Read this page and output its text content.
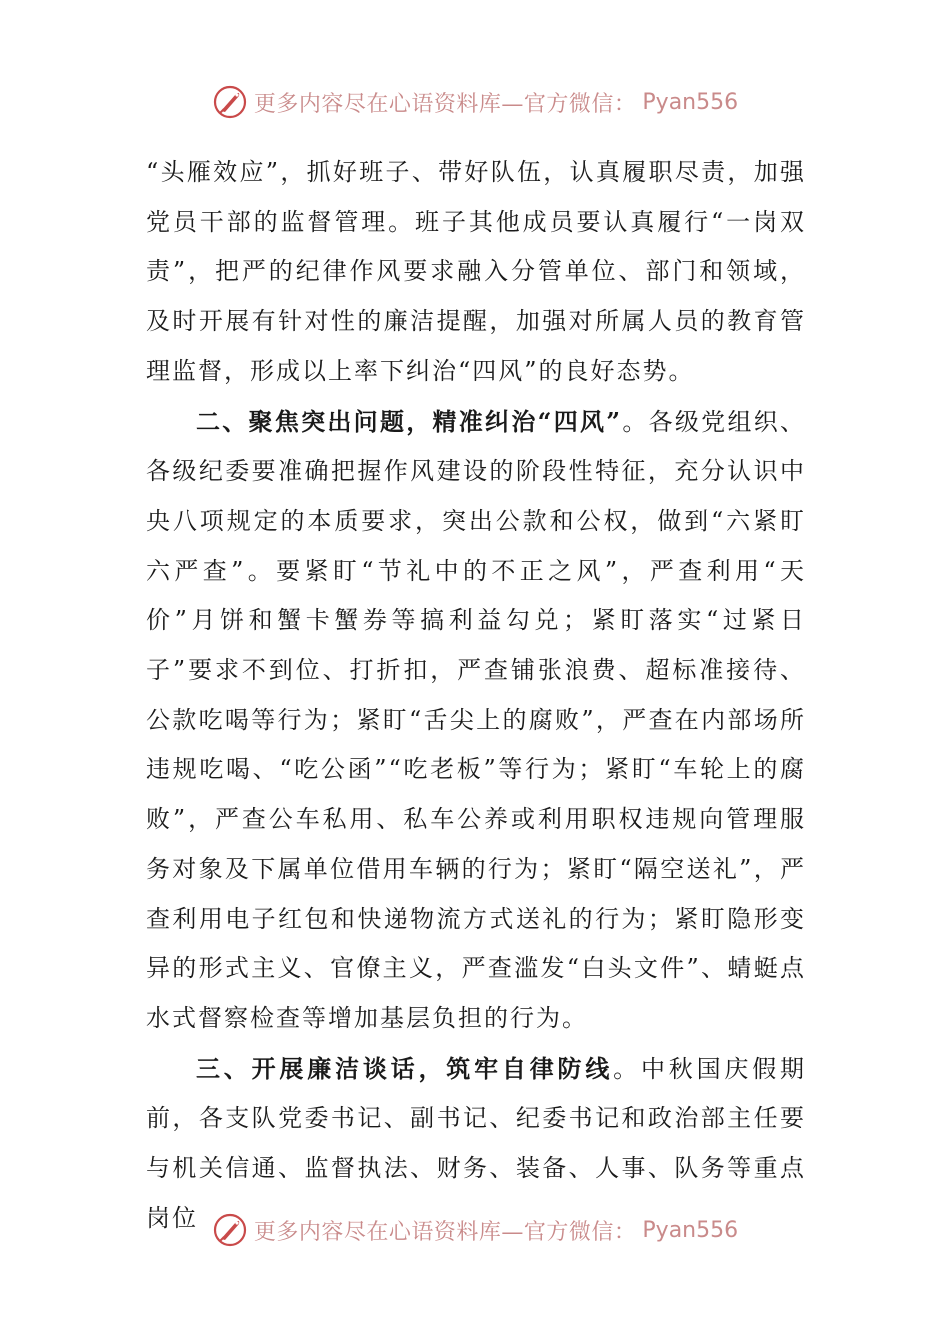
更多内容尽在心语资料库—官方微信： Pyan556

“头雁效应”，抓好班子、带好队伍，认真履职尽责，加强党员干部的监督管理。班子其他成员要认真履行“一岗双责”，把严的纪律作风要求融入分管单位、部门和领域，及时开展有针对性的廉洁提醒，加强对所属人员的教育管理监督，形成以上率下纠治“四风”的良好态势。

二、聚焦突出问题，精准纠治“四风”。各级党组织、各级纪委要准确把握作风建设的阶段性特征，充分认识中央八项规定的本质要求，突出公款和公权，做到“六紧盯六严查”。要紧盯“节礼中的不正之风”，严查利用“天价”月饼和蟹卡蟹券等搞利益勾兑；紧盯落实“过紧日子”要求不到位、打折扣，严查铺张浪费、超标准接待、公款吃喝等行为；紧盯“舌尖上的腐败”，严查在内部场所违规吃喝、“吃公函”“吃老板”等行为；紧盯“车轮上的腐败”，严查公车私用、私车公养或利用职权违规向管理服务对象及下属单位借用车辆的行为；紧盯“隔空送礼”，严查利用电子红包和快递物流方式送礼的行为；紧盯隐形变异的形式主义、官僚主义，严查滥发“白头文件”、蜻蜓点水式督察检查等增加基层负担的行为。

三、开展廉洁谈话，筑牢自律防线。中秋国庆假期前，各支队党委书记、副书记、纪委书记和政治部主任要与机关信通、监督执法、财务、装备、人事、队务等重点岗位

更多内容尽在心语资料库—官方微信： Pyan556
